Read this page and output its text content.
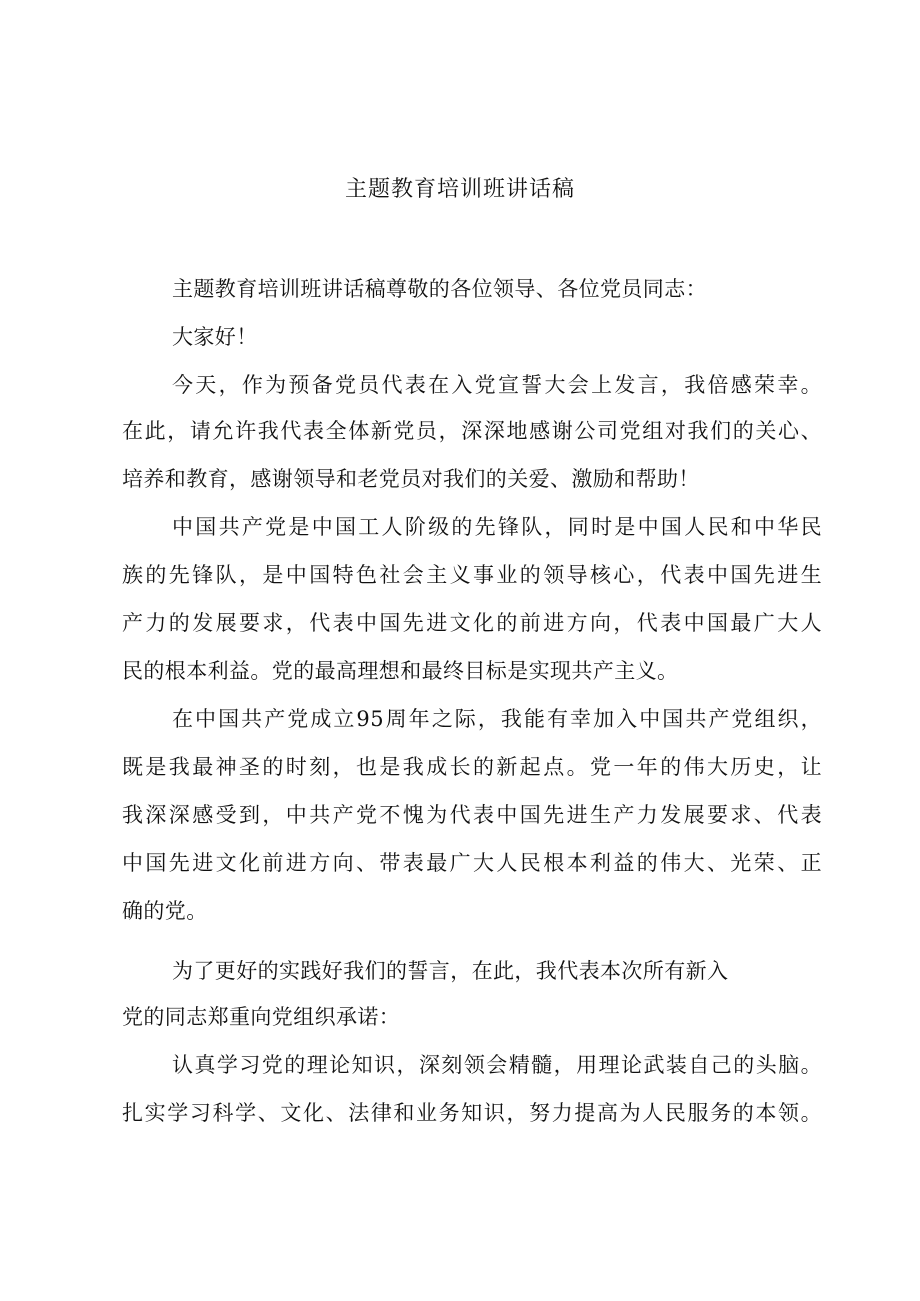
主题教育培训班讲话稿
主题教育培训班讲话稿尊敬的各位领导、各位党员同志：
大家好！
今天，作为预备党员代表在入党宣誓大会上发言，我倍感荣幸。
在此，请允许我代表全体新党员，深深地感谢公司党组对我们的关心、
培养和教育，感谢领导和老党员对我们的关爱、激励和帮助！
中国共产党是中国工人阶级的先锋队，同时是中国人民和中华民
族的先锋队，是中国特色社会主义事业的领导核心，代表中国先进生
产力的发展要求，代表中国先进文化的前进方向，代表中国最广大人
民的根本利益。党的最高理想和最终目标是实现共产主义。
在中国共产党成立95周年之际，我能有幸加入中国共产党组织，
既是我最神圣的时刻，也是我成长的新起点。党一年的伟大历史，让
我深深感受到，中共产党不愧为代表中国先进生产力发展要求、代表
中国先进文化前进方向、带表最广大人民根本利益的伟大、光荣、正
确的党。
为了更好的实践好我们的誓言，在此，我代表本次所有新入
党的同志郑重向党组织承诺：
认真学习党的理论知识，深刻领会精髓，用理论武装自己的头脑。
扎实学习科学、文化、法律和业务知识，努力提高为人民服务的本领。
